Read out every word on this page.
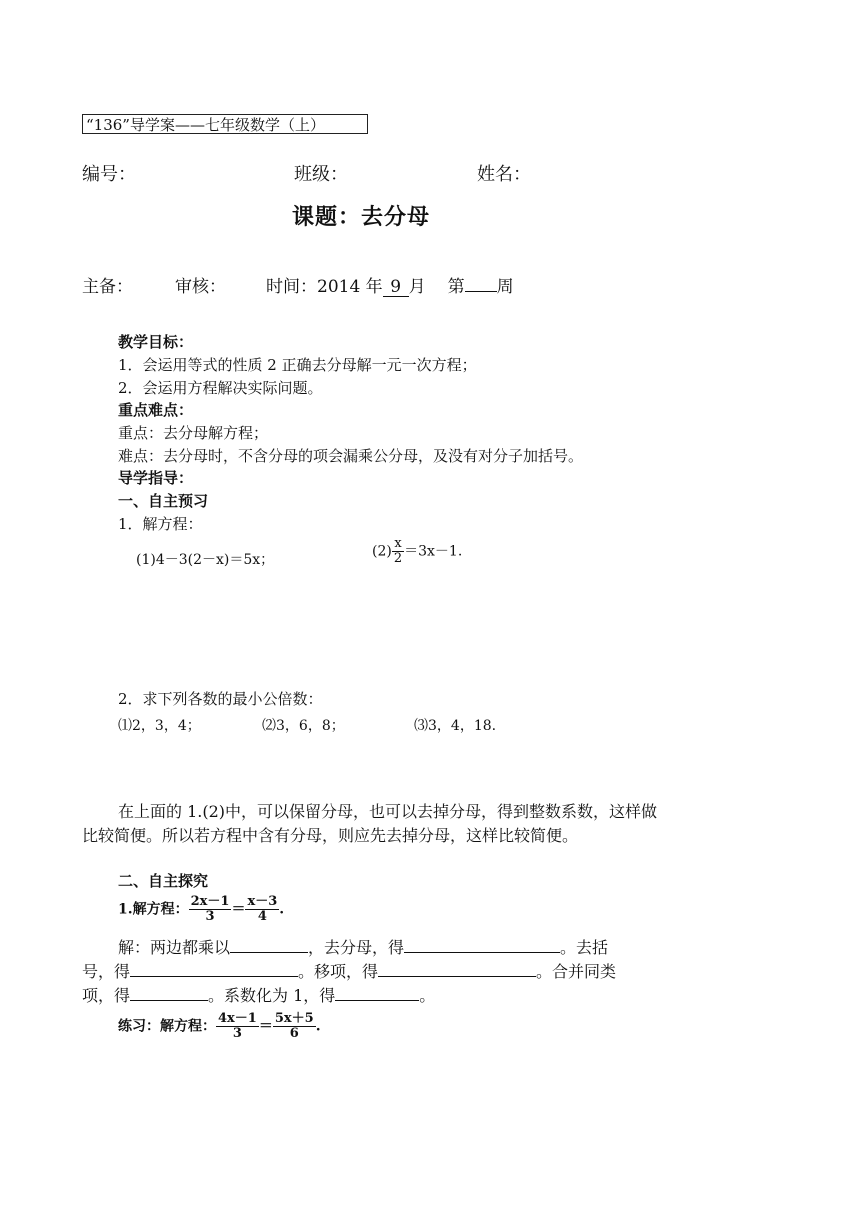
“136”导学案——七年级数学（上）
编号：	班级：	姓名：
课题：去分母
主备： 审核： 时间：2014 年 9 月 第 周
教学目标：
1．会运用等式的性质 2 正确去分母解一元一次方程；
2．会运用方程解决实际问题。
重点难点：
重点：去分母解方程；
难点：去分母时，不含分母的项会漏乘公分母，及没有对分子加括号。
导学指导：
一、自主预习
1．解方程：
(1)4－3(2－x)＝5x；
$(2) \frac{x}{2} =3x-1$.
2．求下列各数的最小公倍数：
⑴2，3，4；	⑵3，6，8；	⑶3，4，18.
在上面的 1.(2)中，可以保留分母，也可以去掉分母，得到整数系数，这样做比较简便。所以若方程中含有分母，则应先去掉分母，这样比较简便。
二、自主探究
1.解方程： $\frac{2x-1}{3} = \frac{x-3}{4}$ .
解：两边都乘以	，去分母，得	。去括
号，得	。移项，得	。合并同类
项，得	。系数化为 1，得	。
练习：解方程： $\frac{4x-1}{3} = \frac{5x+5}{6}$ .
